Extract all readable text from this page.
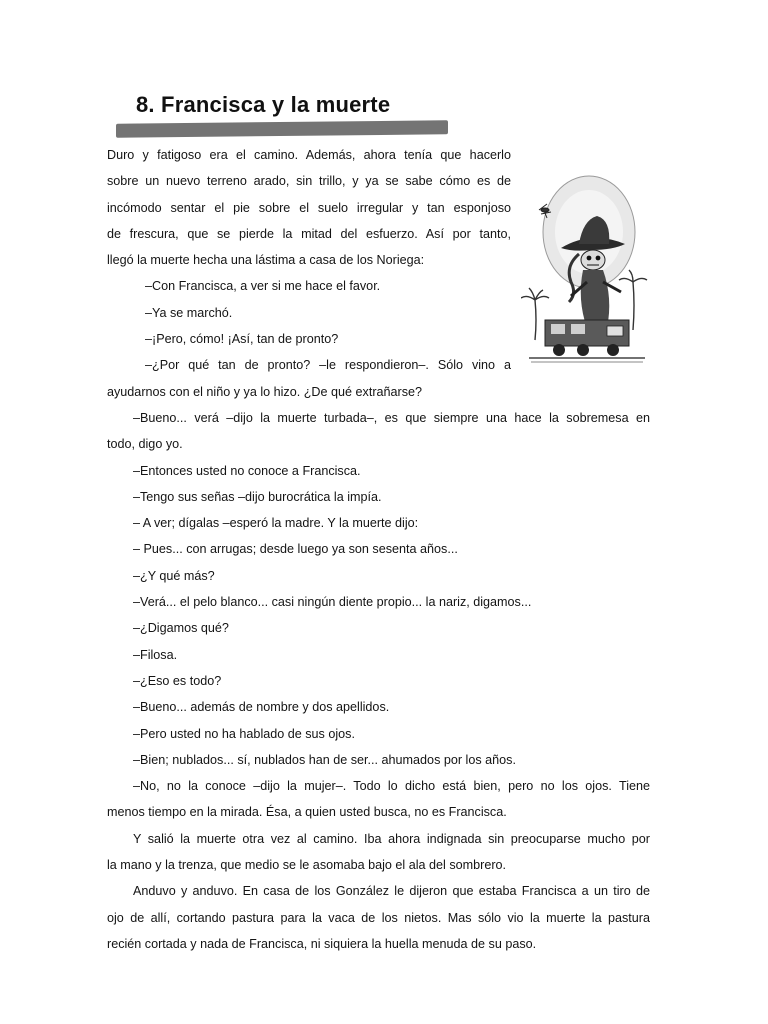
8. Francisca y la muerte
Duro y fatigoso era el camino. Además, ahora tenía que hacerlo
sobre un nuevo terreno arado, sin trillo, y ya se sabe cómo es de
incómodo sentar el pie sobre el suelo irregular y tan esponjoso
de frescura, que se pierde la mitad del esfuerzo. Así por tanto,
llegó la muerte hecha una lástima a casa de los Noriega:
–Con Francisca, a ver si me hace el favor.
–Ya se marchó.
–¡Pero, cómo! ¡Así, tan de pronto?
–¿Por qué tan de pronto? –le respondieron–. Sólo vino a
ayudarnos con el niño y ya lo hizo. ¿De qué extrañarse?
–Bueno... verá –dijo la muerte turbada–, es que siempre una hace la sobremesa en
todo, digo yo.
–Entonces usted no conoce a Francisca.
–Tengo sus señas –dijo burocrática la impía.
– A ver; dígalas –esperó la madre. Y la muerte dijo:
– Pues... con arrugas; desde luego ya son sesenta años...
–¿Y qué más?
–Verá... el pelo blanco... casi ningún diente propio... la nariz, digamos...
–¿Digamos qué?
–Filosa.
–¿Eso es todo?
–Bueno... además de nombre y dos apellidos.
–Pero usted no ha hablado de sus ojos.
–Bien; nublados... sí, nublados han de ser... ahumados por los años.
–No, no la conoce –dijo la mujer–. Todo lo dicho está bien, pero no los ojos. Tiene
menos tiempo en la mirada. Ésa, a quien usted busca, no es Francisca.
Y salió la muerte otra vez al camino. Iba ahora indignada sin preocuparse mucho por
la mano y la trenza, que medio se le asomaba bajo el ala del sombrero.
Anduvo y anduvo. En casa de los González le dijeron que estaba Francisca a un tiro de
ojo de allí, cortando pastura para la vaca de los nietos. Mas sólo vio la muerte la pastura
recién cortada y nada de Francisca, ni siquiera la huella menuda de su paso.
